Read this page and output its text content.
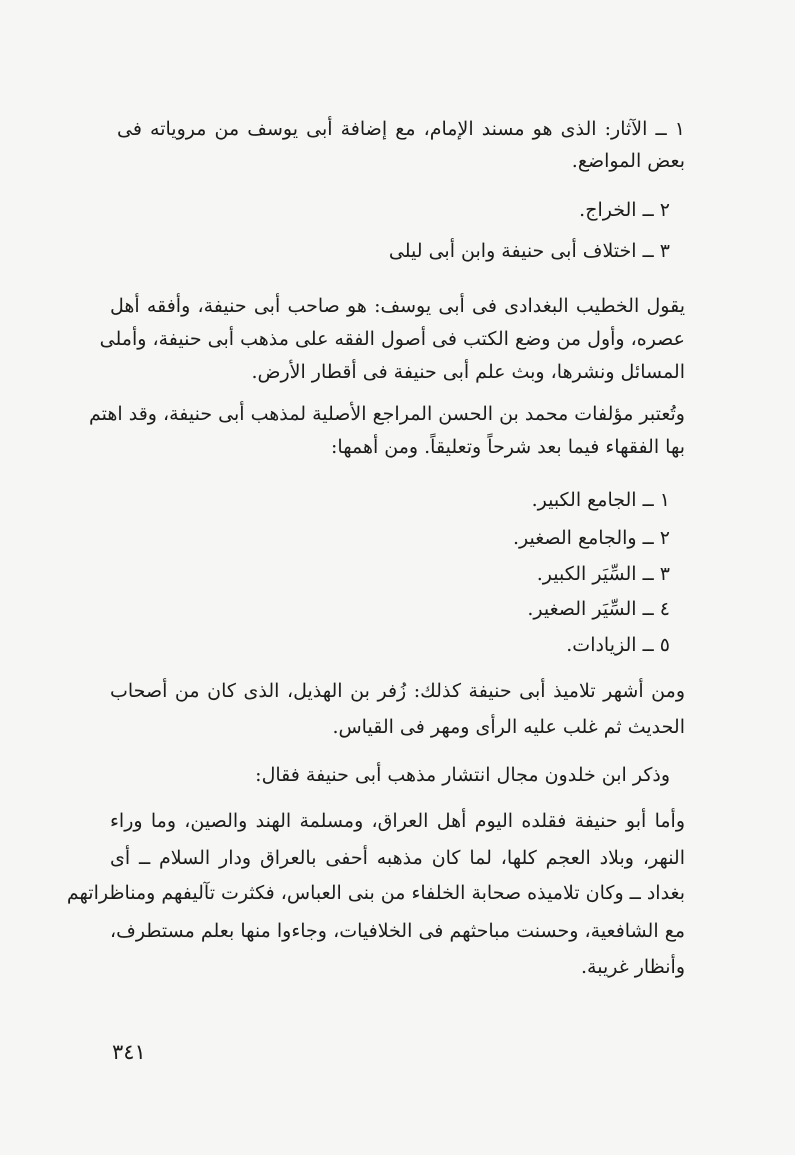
١ ــ الآثار: الذى هو مسند الإمام، مع إضافة أبى يوسف من مروياته فى
بعض المواضع.
٢ ــ الخراج.
٣ ــ اختلاف أبى حنيفة وابن أبى ليلى
يقول الخطيب البغدادى فى أبى يوسف: هو صاحب أبى حنيفة، وأفقه أهل
عصره، وأول من وضع الكتب فى أصول الفقه على مذهب أبى حنيفة، وأملى
المسائل ونشرها، وبث علم أبى حنيفة فى أقطار الأرض.
وتُعتبر مؤلفات محمد بن الحسن المراجع الأصلية لمذهب أبى حنيفة، وقد اهتم
بها الفقهاء فيما بعد شرحاً وتعليقاً. ومن أهمها:
١ ــ الجامع الكبير.
٢ ــ والجامع الصغير.
٣ ــ السِّيَر الكبير.
٤ ــ السِّيَر الصغير.
٥ ــ الزيادات.
ومن أشهر تلاميذ أبى حنيفة كذلك: زُفر بن الهذيل، الذى كان من أصحاب
الحديث ثم غلب عليه الرأى ومهر فى القياس.
وذكر ابن خلدون مجال انتشار مذهب أبى حنيفة فقال:
وأما أبو حنيفة فقلده اليوم أهل العراق، ومسلمة الهند والصين، وما وراء
النهر، وبلاد العجم كلها، لما كان مذهبه أحفى بالعراق ودار السلام ــ أى
بغداد ــ وكان تلاميذه صحابة الخلفاء من بنى العباس، فكثرت تآليفهم ومناظراتهم
مع الشافعية، وحسنت مباحثهم فى الخلافيات، وجاءوا منها بعلم مستطرف،
وأنظار غريبة.
٣٤١
